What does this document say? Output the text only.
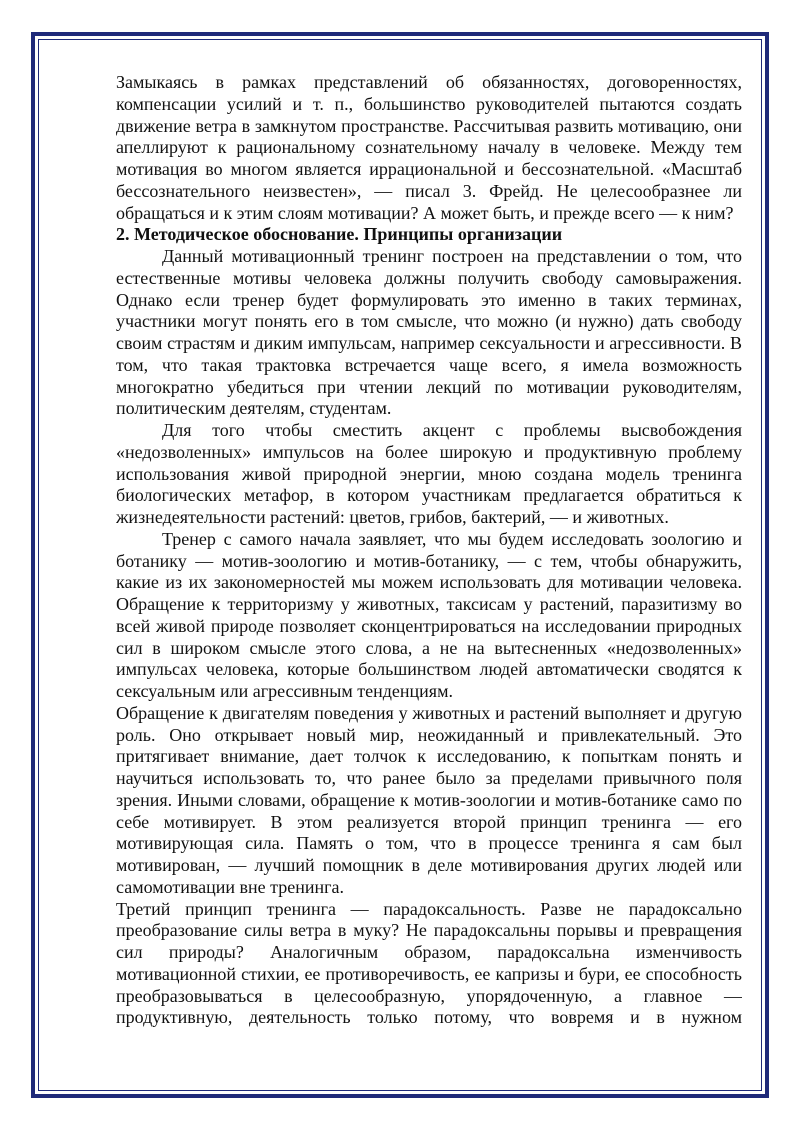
Замыкаясь в рамках представлений об обязанностях, договоренностях, компенсации усилий и т. п., большинство руководителей пытаются создать движение ветра в замкнутом пространстве. Рассчитывая развить мотивацию, они апеллируют к рациональному сознательному началу в человеке. Между тем мотивация во многом является иррациональной и бессознательной. «Масштаб бессознательного неизвестен», — писал 3. Фрейд. Не целесообразнее ли обращаться и к этим слоям мотивации? А может быть, и прежде всего — к ним?

2. Методическое обоснование. Принципы организации

Данный мотивационный тренинг построен на представлении о том, что естественные мотивы человека должны получить свободу самовыражения. Однако если тренер будет формулировать это именно в таких терминах, участники могут понять его в том смысле, что можно (и нужно) дать свободу своим страстям и диким импульсам, например сексуальности и агрессивности. В том, что такая трактовка встречается чаще всего, я имела возможность многократно убедиться при чтении лекций по мотивации руководителям, политическим деятелям, студентам.

Для того чтобы сместить акцент с проблемы высвобождения «недозволенных» импульсов на более широкую и продуктивную проблему использования живой природной энергии, мною создана модель тренинга биологических метафор, в котором участникам предлагается обратиться к жизнедеятельности растений: цветов, грибов, бактерий, — и животных.

Тренер с самого начала заявляет, что мы будем исследовать зоологию и ботанику — мотив-зоологию и мотив-ботанику, — с тем, чтобы обнаружить, какие из их закономерностей мы можем использовать для мотивации человека. Обращение к территоризму у животных, таксисам у растений, паразитизму во всей живой природе позволяет сконцентрироваться на исследовании природных сил в широком смысле этого слова, а не на вытесненных «недозволенных» импульсах человека, которые большинством людей автоматически сводятся к сексуальным или агрессивным тенденциям.

Обращение к двигателям поведения у животных и растений выполняет и другую роль. Оно открывает новый мир, неожиданный и привлекательный. Это притягивает внимание, дает толчок к исследованию, к попыткам понять и научиться использовать то, что ранее было за пределами привычного поля зрения. Иными словами, обращение к мотив-зоологии и мотив-ботанике само по себе мотивирует. В этом реализуется второй принцип тренинга — его мотивирующая сила. Память о том, что в процессе тренинга я сам был мотивирован, — лучший помощник в деле мотивирования других людей или самомотивации вне тренинга.

Третий принцип тренинга — парадоксальность. Разве не парадоксально преобразование силы ветра в муку? Не парадоксальны порывы и превращения сил природы? Аналогичным образом, парадоксальна изменчивость мотивационной стихии, ее противоречивость, ее капризы и бури, ее способность преобразовываться в целесообразную, упорядоченную, а главное — продуктивную, деятельность только потому, что вовремя и в нужном
